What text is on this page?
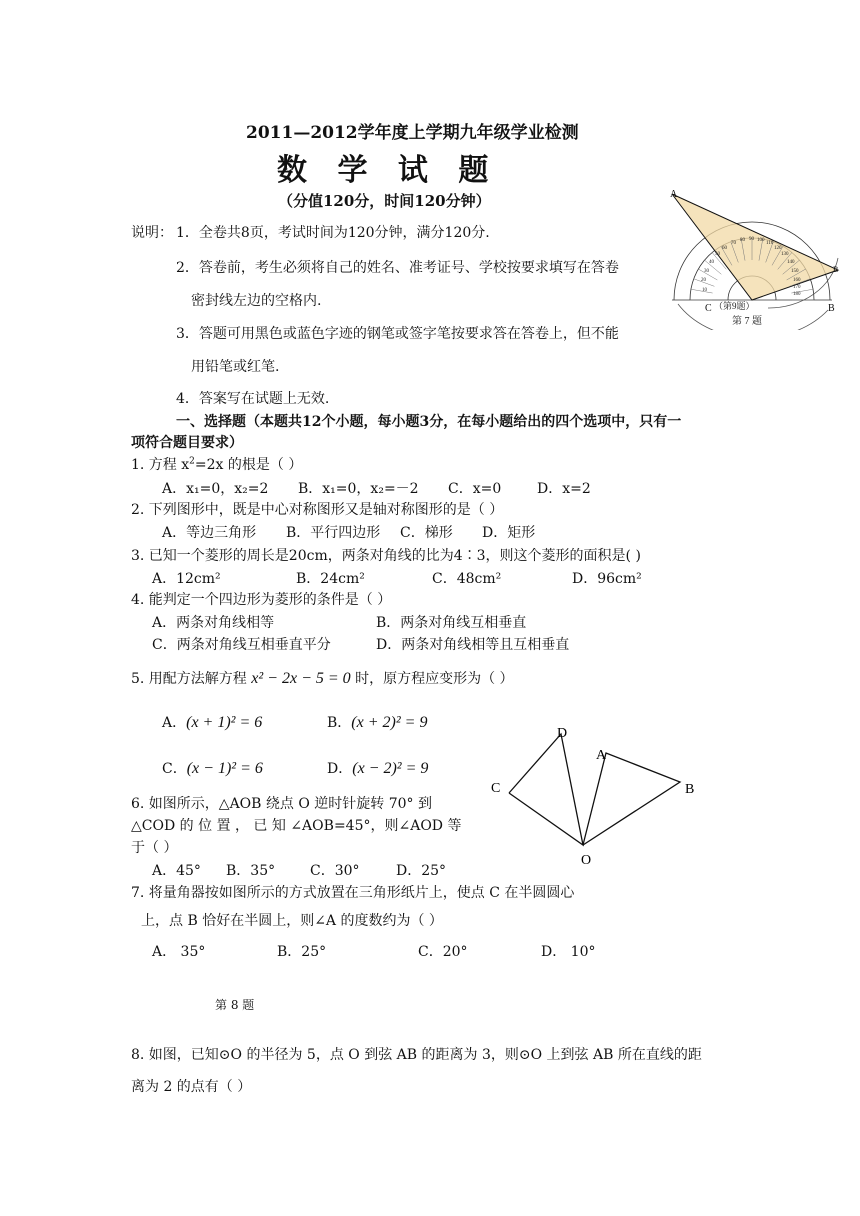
2011—2012学年度上学期九年级学业检测
数 学 试 题
（分值120分，时间120分钟）
说明： 1．全卷共8页，考试时间为120分钟，满分120分.
2．答卷前，考生必须将自己的姓名、准考证号、学校按要求填写在答卷
密封线左边的空格内.
3．答题可用黑色或蓝色字迹的钢笔或签字笔按要求答在答卷上，但不能
用铅笔或红笔.
4．答案写在试题上无效.
一、选择题（本题共12个小题，每小题3分，在每小题给出的四个选项中，只有一
项符合题目要求）
1. 方程 $x^2=2x$ 的根是（ ）
A．x₁=0，x₂=2 B．x₁=0，x₂=－2 C．x=0	D．x=2
2. 下列图形中，既是中心对称图形又是轴对称图形的是（ ）
A．等边三角形 B．平行四边形 C．梯形 D．矩形
3. 已知一个菱形的周长是20cm，两条对角线的比为4∶3，则这个菱形的面积是( )
A．12cm²	B．24cm²	C．48cm²	D．96cm²
4. 能判定一个四边形为菱形的条件是（ ）
A．两条对角线相等	B．两条对角线互相垂直
C．两条对角线互相垂直平分	D．两条对角线相等且互相垂直
5. 用配方法解方程 x² − 2x − 5 = 0 时，原方程应变形为（ ）
A．(x + 1)² = 6	B．(x + 2)² = 9
C．(x − 1)² = 6	D．(x − 2)² = 9
6. 如图所示，△AOB 绕点 O 逆时针旋转 70° 到
△COD 的 位 置 ， 已 知 ∠AOB=45°，则∠AOD 等
于（ ）
A．45° B．35° C．30°	D．25°
D
A
C	B
O
7. 将量角器按如图所示的方式放置在三角形纸片上，使点 C 在半圆圆心
上，点 B 恰好在半圆上，则∠A 的度数约为（ ）
A． 35°	B．25°	C．20°	D． 10°
10
20
30
40
50
60
70
80 90 100
110
120
130
140
150
160
170
180
A
B
C	B
（第9题）
第 7 题
第 8 题
8. 如图，已知⊙O 的半径为 5，点 O 到弦 AB 的距离为 3，则⊙O 上到弦 AB 所在直线的距
离为 2 的点有（ ）
